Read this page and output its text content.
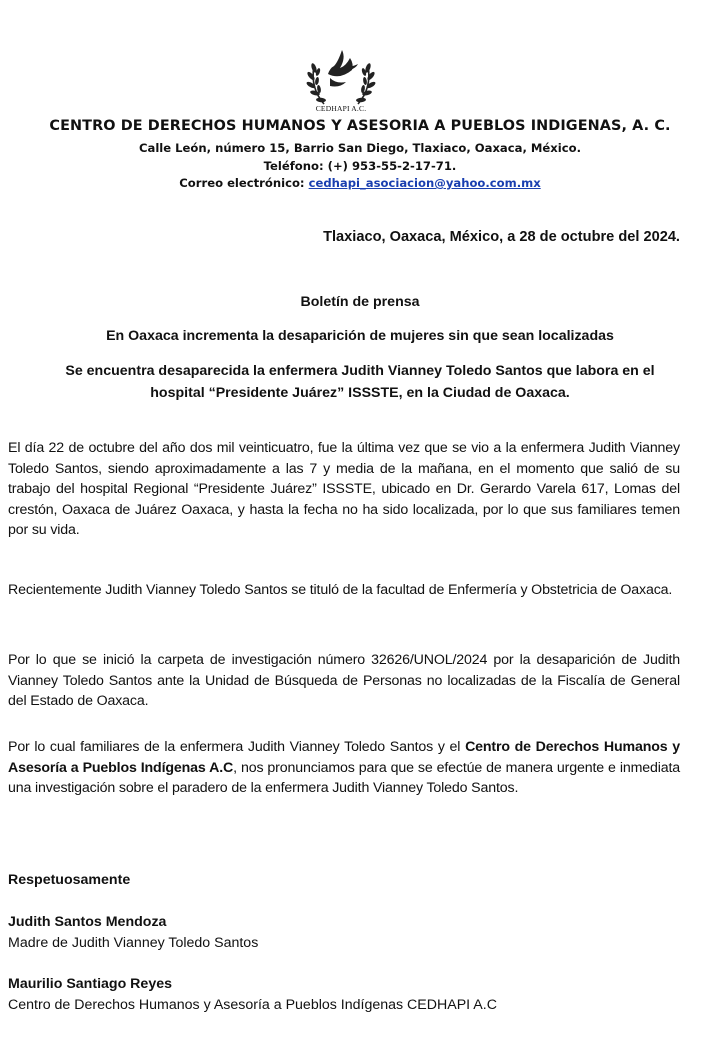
CEDHAPI A.C.
CENTRO DE DERECHOS HUMANOS Y ASESORIA A PUEBLOS INDIGENAS, A. C.
Calle León, número 15, Barrio San Diego, Tlaxiaco, Oaxaca, México.
Teléfono: (+) 953-55-2-17-71.
Correo electrónico: cedhapi_asociacion@yahoo.com.mx
Tlaxiaco, Oaxaca, México, a 28 de octubre del 2024.
Boletín de prensa
En Oaxaca incrementa la desaparición de mujeres sin que sean localizadas
Se encuentra desaparecida la enfermera Judith Vianney Toledo Santos que labora en el
hospital “Presidente Juárez” ISSSTE, en la Ciudad de Oaxaca.
El día 22 de octubre del año dos mil veinticuatro, fue la última vez que se vio a la enfermera Judith Vianney Toledo Santos, siendo aproximadamente a las 7 y media de la mañana, en el momento que salió de su trabajo del hospital Regional “Presidente Juárez” ISSSTE, ubicado en Dr. Gerardo Varela 617, Lomas del crestón, Oaxaca de Juárez Oaxaca, y hasta la fecha no ha sido localizada, por lo que sus familiares temen por su vida.
Recientemente Judith Vianney Toledo Santos se tituló de la facultad de Enfermería y Obstetricia de Oaxaca.
Por lo que se inició la carpeta de investigación número 32626/UNOL/2024 por la desaparición de Judith Vianney Toledo Santos ante la Unidad de Búsqueda de Personas no localizadas de la Fiscalía de General del Estado de Oaxaca.
Por lo cual familiares de la enfermera Judith Vianney Toledo Santos y el Centro de Derechos Humanos y Asesoría a Pueblos Indígenas A.C, nos pronunciamos para que se efectúe de manera urgente e inmediata una investigación sobre el paradero de la enfermera Judith Vianney Toledo Santos.
Respetuosamente
Judith Santos Mendoza
Madre de Judith Vianney Toledo Santos
Maurilio Santiago Reyes
Centro de Derechos Humanos y Asesoría a Pueblos Indígenas CEDHAPI A.C
